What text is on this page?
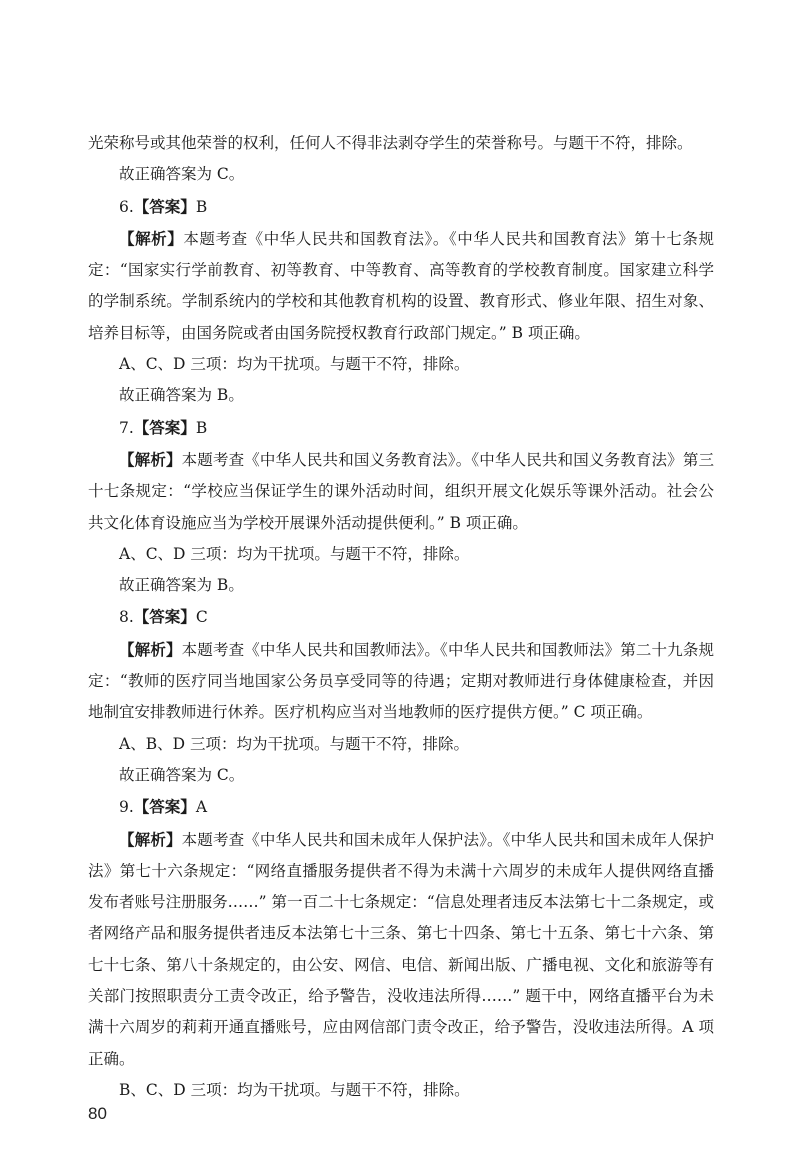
光荣称号或其他荣誉的权利，任何人不得非法剥夺学生的荣誉称号。与题干不符，排除。

故正确答案为 C。

6.【答案】B

【解析】本题考查《中华人民共和国教育法》。《中华人民共和国教育法》第十七条规定：“国家实行学前教育、初等教育、中等教育、高等教育的学校教育制度。国家建立科学的学制系统。学制系统内的学校和其他教育机构的设置、教育形式、修业年限、招生对象、培养目标等，由国务院或者由国务院授权教育行政部门规定。” B 项正确。

A、C、D 三项：均为干扰项。与题干不符，排除。

故正确答案为 B。

7.【答案】B

【解析】本题考查《中华人民共和国义务教育法》。《中华人民共和国义务教育法》第三十七条规定：“学校应当保证学生的课外活动时间，组织开展文化娱乐等课外活动。社会公共文化体育设施应当为学校开展课外活动提供便利。” B 项正确。

A、C、D 三项：均为干扰项。与题干不符，排除。

故正确答案为 B。

8.【答案】C

【解析】本题考查《中华人民共和国教师法》。《中华人民共和国教师法》第二十九条规定：“教师的医疗同当地国家公务员享受同等的待遇；定期对教师进行身体健康检查，并因地制宜安排教师进行休养。医疗机构应当对当地教师的医疗提供方便。” C 项正确。

A、B、D 三项：均为干扰项。与题干不符，排除。

故正确答案为 C。

9.【答案】A

【解析】本题考查《中华人民共和国未成年人保护法》。《中华人民共和国未成年人保护法》第七十六条规定：“网络直播服务提供者不得为未满十六周岁的未成年人提供网络直播发布者账号注册服务……” 第一百二十七条规定：“信息处理者违反本法第七十二条规定，或者网络产品和服务提供者违反本法第七十三条、第七十四条、第七十五条、第七十六条、第七十七条、第八十条规定的，由公安、网信、电信、新闻出版、广播电视、文化和旅游等有关部门按照职责分工责令改正，给予警告，没收违法所得……” 题干中，网络直播平台为未满十六周岁的莉莉开通直播账号，应由网信部门责令改正，给予警告，没收违法所得。A 项正确。

B、C、D 三项：均为干扰项。与题干不符，排除。

80
